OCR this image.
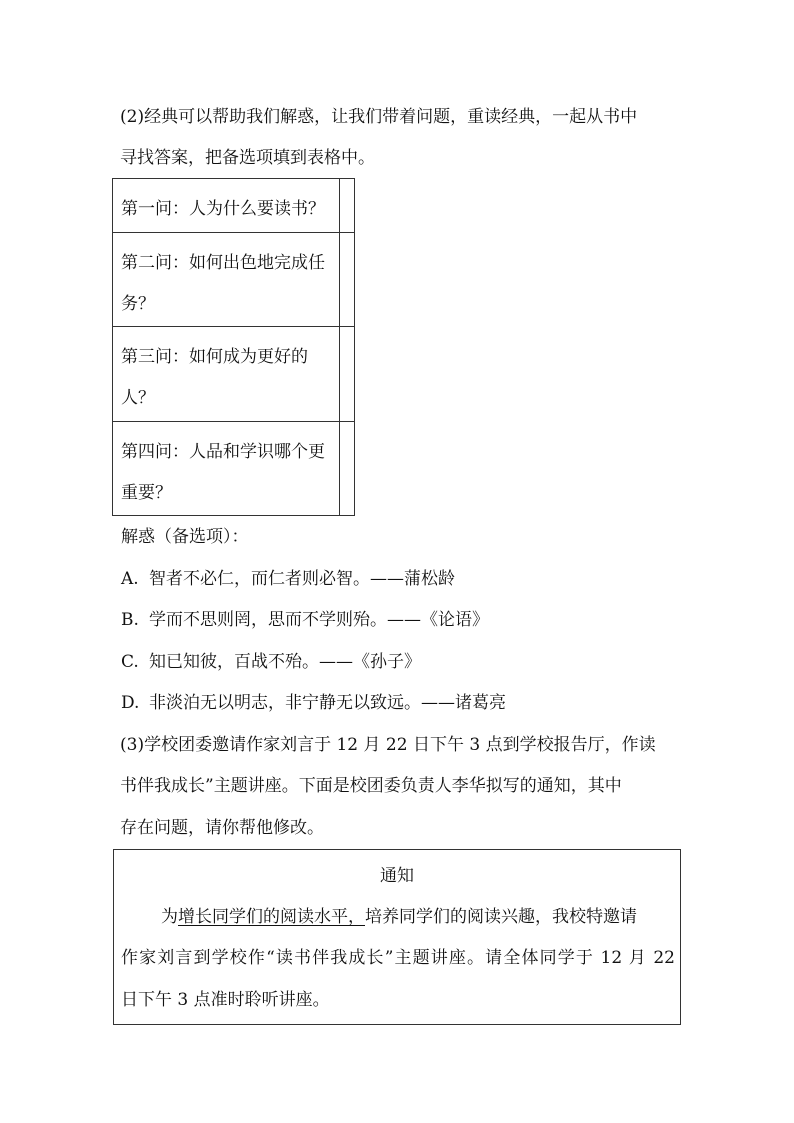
(2)经典可以帮助我们解惑，让我们带着问题，重读经典，一起从书中
寻找答案，把备选项填到表格中。
第一问：人为什么要读书？	

第二问：如何出色地完成任务？	

第三问：如何成为更好的人？	

第四问：人品和学识哪个更重要？	

解惑（备选项）：
A. 智者不必仁，而仁者则必智。——蒲松龄
B. 学而不思则罔，思而不学则殆。——《论语》
C. 知已知彼，百战不殆。——《孙子》
D. 非淡泊无以明志，非宁静无以致远。——诸葛亮
(3)学校团委邀请作家刘言于 12 月 22 日下午 3 点到学校报告厅，作读
书伴我成长”主题讲座。下面是校团委负责人李华拟写的通知，其中
存在问题，请你帮他修改。
通知
为增长同学们的阅读水平，培养同学们的阅读兴趣，我校特邀请
作家刘言到学校作“读书伴我成长”主题讲座。请全体同学于 12 月 22
日下午 3 点准时聆听讲座。
